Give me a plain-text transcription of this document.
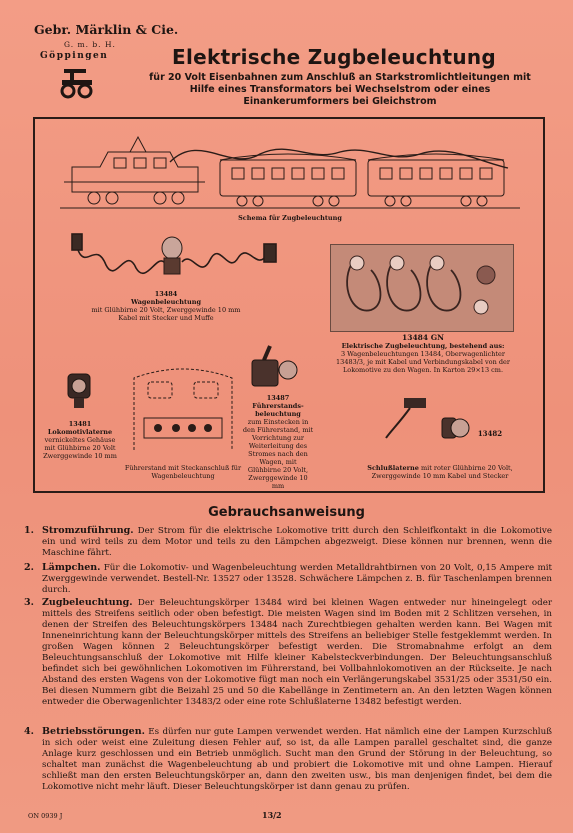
Gebr. Märklin & Cie.
G. m. b. H.
Göppingen	Elektrische Zugbeleuchtung
für 20 Volt Eisenbahnen zum Anschluß an Starkstromlichtleitungen mit Hilfe eines Transformators bei Wechselstrom oder eines Einankerumformers bei Gleichstrom
Schema für Zugbeleuchtung
13484
Wagenbeleuchtung
mit Glühbirne 20 Volt, Zwerggewinde 10 mm Kabel mit Stecker und Muffe
13484 GN
Elektrische Zugbeleuchtung, bestehend aus:
3 Wagenbeleuchtungen 13484, Oberwagenlichter 13483/3, je mit Kabel und Verbindungskabel von der Lokomotive zu den Wagen. In Karton 29×13 cm.
13481
Lokomotivlaterne
vernickeltes Gehäuse mit Glühbirne 20 Volt Zwerggewinde 10 mm
Führerstand mit Steckanschluß für Wagenbeleuchtung
13487
Führerstands-beleuchtung
zum Einstecken in den Führerstand, mit Vorrichtung zur Weiterleitung des Stromes nach den Wagen, mit Glühbirne 20 Volt, Zwerggewinde 10 mm
13482
Schlußlaterne mit roter Glühbirne 20 Volt, Zwerggewinde 10 mm Kabel und Stecker
Gebrauchsanweisung
1. Stromzuführung. Der Strom für die elektrische Lokomotive tritt durch den Schleifkontakt in die Lokomotive ein und wird teils zu dem Motor und teils zu den Lämpchen abgezweigt. Diese können nur brennen, wenn die Maschine fährt.
2. Lämpchen. Für die Lokomotiv- und Wagenbeleuchtung werden Metalldrahtbirnen von 20 Volt, 0,15 Ampere mit Zwerggewinde verwendet. Bestell-Nr. 13527 oder 13528. Schwächere Lämpchen z. B. für Taschenlampen brennen durch.
3. Zugbeleuchtung. Der Beleuchtungskörper 13484 wird bei kleinen Wagen entweder nur hineingelegt oder mittels des Streifens seitlich oder oben befestigt. Die meisten Wagen sind im Boden mit 2 Schlitzen versehen, in denen der Streifen des Beleuchtungskörpers 13484 nach Zurechtbiegen gehalten werden kann. Bei Wagen mit Inneneinrichtung kann der Beleuchtungskörper mittels des Streifens an beliebiger Stelle festgeklemmt werden. In großen Wagen können 2 Beleuchtungskörper befestigt werden. Die Stromabnahme erfolgt an dem Beleuchtungsanschluß der Lokomotive mit Hilfe kleiner Kabelsteckverbindungen. Der Beleuchtungsanschluß befindet sich bei gewöhnlichen Lokomotiven im Führerstand, bei Vollbahnlokomotiven an der Rückseite. Je nach Abstand des ersten Wagens von der Lokomotive fügt man noch ein Verlängerungskabel 3531/25 oder 3531/50 ein. Bei diesen Nummern gibt die Beizahl 25 und 50 die Kabellänge in Zentimetern an. An den letzten Wagen können entweder die Oberwagenlichter 13483/2 oder eine rote Schlußlaterne 13482 befestigt werden.
4. Betriebsstörungen. Es dürfen nur gute Lampen verwendet werden. Hat nämlich eine der Lampen Kurzschluß in sich oder weist eine Zuleitung diesen Fehler auf, so ist, da alle Lampen parallel geschaltet sind, die ganze Anlage kurz geschlossen und ein Betrieb unmöglich. Sucht man den Grund der Störung in der Beleuchtung, so schaltet man zunächst die Wagenbeleuchtung ab und probiert die Lokomotive mit und ohne Lampen. Hierauf schließt man den ersten Beleuchtungskörper an, dann den zweiten usw., bis man denjenigen findet, bei dem die Lokomotive nicht mehr läuft. Dieser Beleuchtungskörper ist dann genau zu prüfen.
ON 0939 J	13/2
